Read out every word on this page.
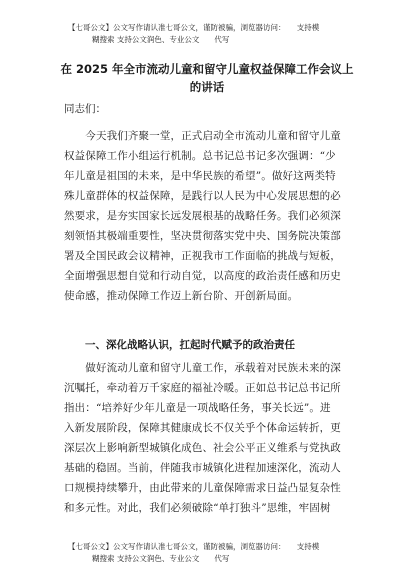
【七哥公文】公文写作请认准七哥公文，谨防被骗，浏览器访问：　　支持模
糊搜索 支持公文润色、专业公文　　代写
在 2025 年全市流动儿童和留守儿童权益保障工作会议上的讲话
同志们：
　　今天我们齐聚一堂，正式启动全市流动儿童和留守儿童
权益保障工作小组运行机制。总书记总书记多次强调：“少
年儿童是祖国的未来，是中华民族的希望”。做好这两类特
殊儿童群体的权益保障，是践行以人民为中心发展思想的必
然要求，是夯实国家长远发展根基的战略任务。我们必须深
刻领悟其极端重要性，坚决贯彻落实党中央、国务院决策部
署及全国民政会议精神，正视我市工作面临的挑战与短板，
全面增强思想自觉和行动自觉，以高度的政治责任感和历史
使命感，推动保障工作迈上新台阶、开创新局面。
　　一、深化战略认识，扛起时代赋予的政治责任
　　做好流动儿童和留守儿童工作，承载着对民族未来的深
沉嘱托，牵动着万千家庭的福祉冷暖。正如总书记总书记所
指出：“培养好少年儿童是一项战略任务，事关长远”。进
入新发展阶段，保障其健康成长不仅关乎个体命运转折，更
深层次上影响新型城镇化成色、社会公平正义维系与党执政
基础的稳固。当前，伴随我市城镇化进程加速深化，流动人
口规模持续攀升，由此带来的儿童保障需求日益凸显复杂性
和多元性。对此，我们必须破除“单打独斗”思维，牢固树
【七哥公文】公文写作请认准七哥公文，谨防被骗，浏览器访问：　　支持模
糊搜索 支持公文润色、专业公文　　代写
